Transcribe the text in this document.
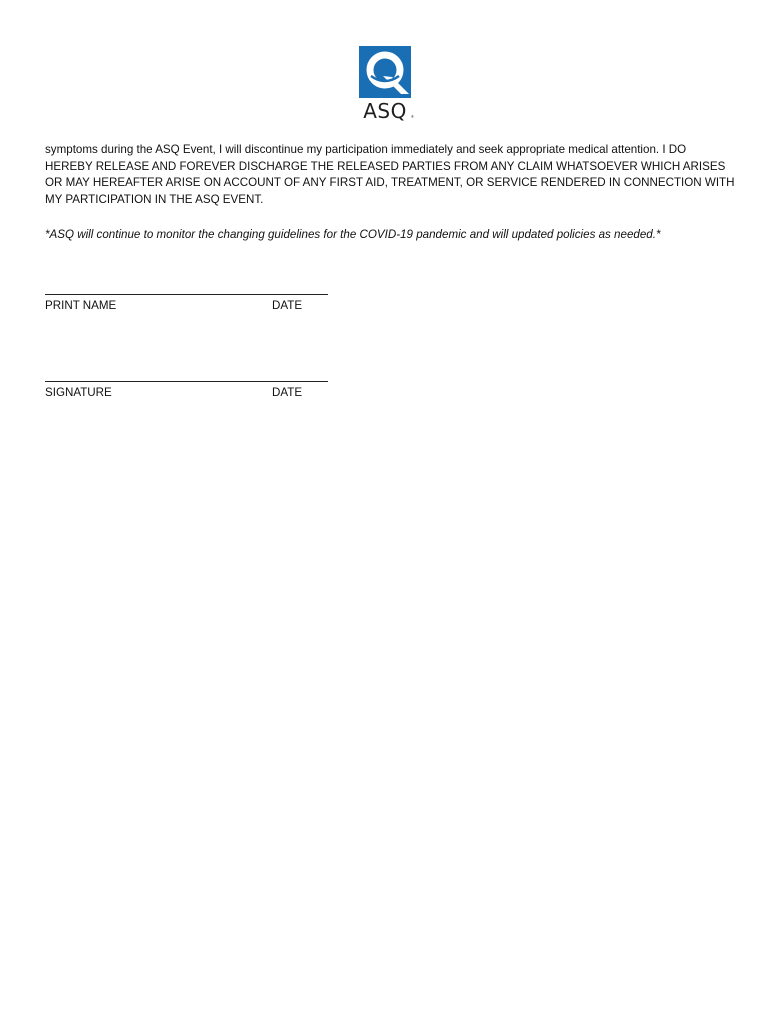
ASQ	®

symptoms during the ASQ Event, I will discontinue my participation immediately and seek appropriate medical attention. I DO HEREBY RELEASE AND FOREVER DISCHARGE THE RELEASED PARTIES FROM ANY CLAIM WHATSOEVER WHICH ARISES OR MAY HEREAFTER ARISE ON ACCOUNT OF ANY FIRST AID, TREATMENT, OR SERVICE RENDERED IN CONNECTION WITH MY PARTICIPATION IN THE ASQ EVENT.

*ASQ will continue to monitor the changing guidelines for the COVID-19 pandemic and will updated policies as needed.*
PRINT NAME	DATE
SIGNATURE	DATE
